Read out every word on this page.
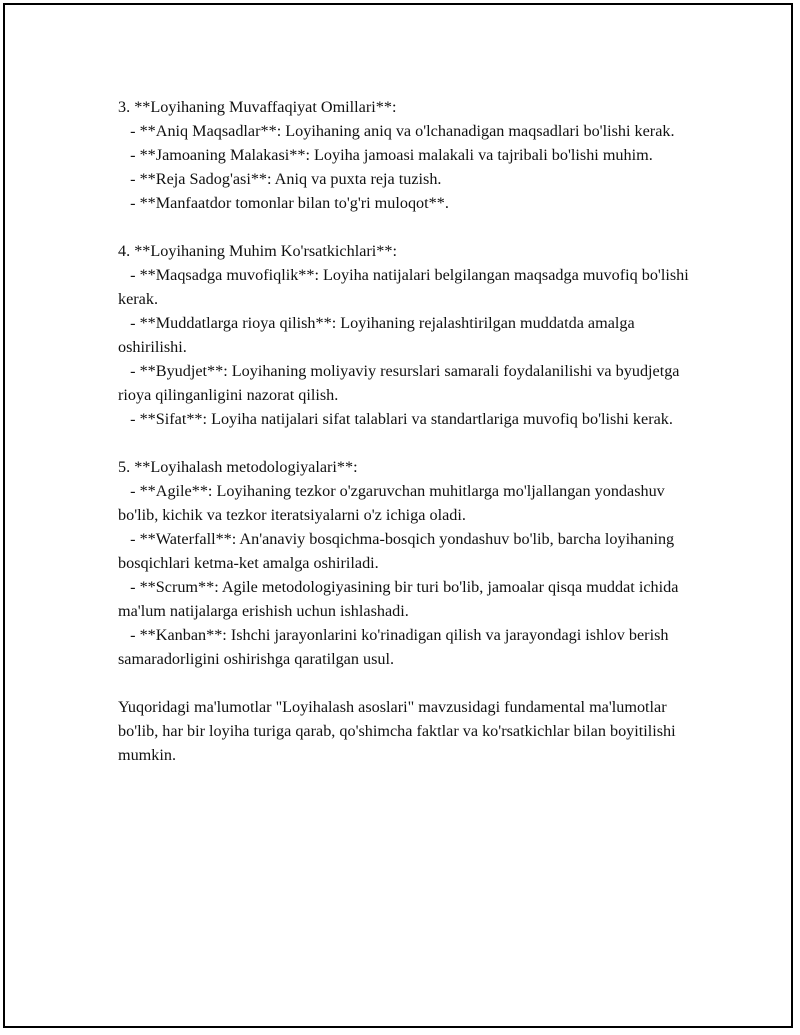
3. **Loyihaning Muvaffaqiyat Omillari**:

- **Aniq Maqsadlar**: Loyihaning aniq va o'lchanadigan maqsadlari bo'lishi kerak.

- **Jamoaning Malakasi**: Loyiha jamoasi malakali va tajribali bo'lishi muhim.

- **Reja Sadog'asi**: Aniq va puxta reja tuzish.

- **Manfaatdor tomonlar bilan to'g'ri muloqot**.

4. **Loyihaning Muhim Ko'rsatkichlari**:

- **Maqsadga muvofiqlik**: Loyiha natijalari belgilangan maqsadga muvofiq bo'lishi kerak.

- **Muddatlarga rioya qilish**: Loyihaning rejalashtirilgan muddatda amalga oshirilishi.

- **Byudjet**: Loyihaning moliyaviy resurslari samarali foydalanilishi va byudjetga rioya qilinganligini nazorat qilish.

- **Sifat**: Loyiha natijalari sifat talablari va standartlariga muvofiq bo'lishi kerak.

5. **Loyihalash metodologiyalari**:

- **Agile**: Loyihaning tezkor o'zgaruvchan muhitlarga mo'ljallangan yondashuv bo'lib, kichik va tezkor iteratsiyalarni o'z ichiga oladi.

- **Waterfall**: An'anaviy bosqichma-bosqich yondashuv bo'lib, barcha loyihaning bosqichlari ketma-ket amalga oshiriladi.

- **Scrum**: Agile metodologiyasining bir turi bo'lib, jamoalar qisqa muddat ichida ma'lum natijalarga erishish uchun ishlashadi.

- **Kanban**: Ishchi jarayonlarini ko'rinadigan qilish va jarayondagi ishlov berish samaradorligini oshirishga qaratilgan usul.

Yuqoridagi ma'lumotlar "Loyihalash asoslari" mavzusidagi fundamental ma'lumotlar bo'lib, har bir loyiha turiga qarab, qo'shimcha faktlar va ko'rsatkichlar bilan boyitilishi mumkin.
